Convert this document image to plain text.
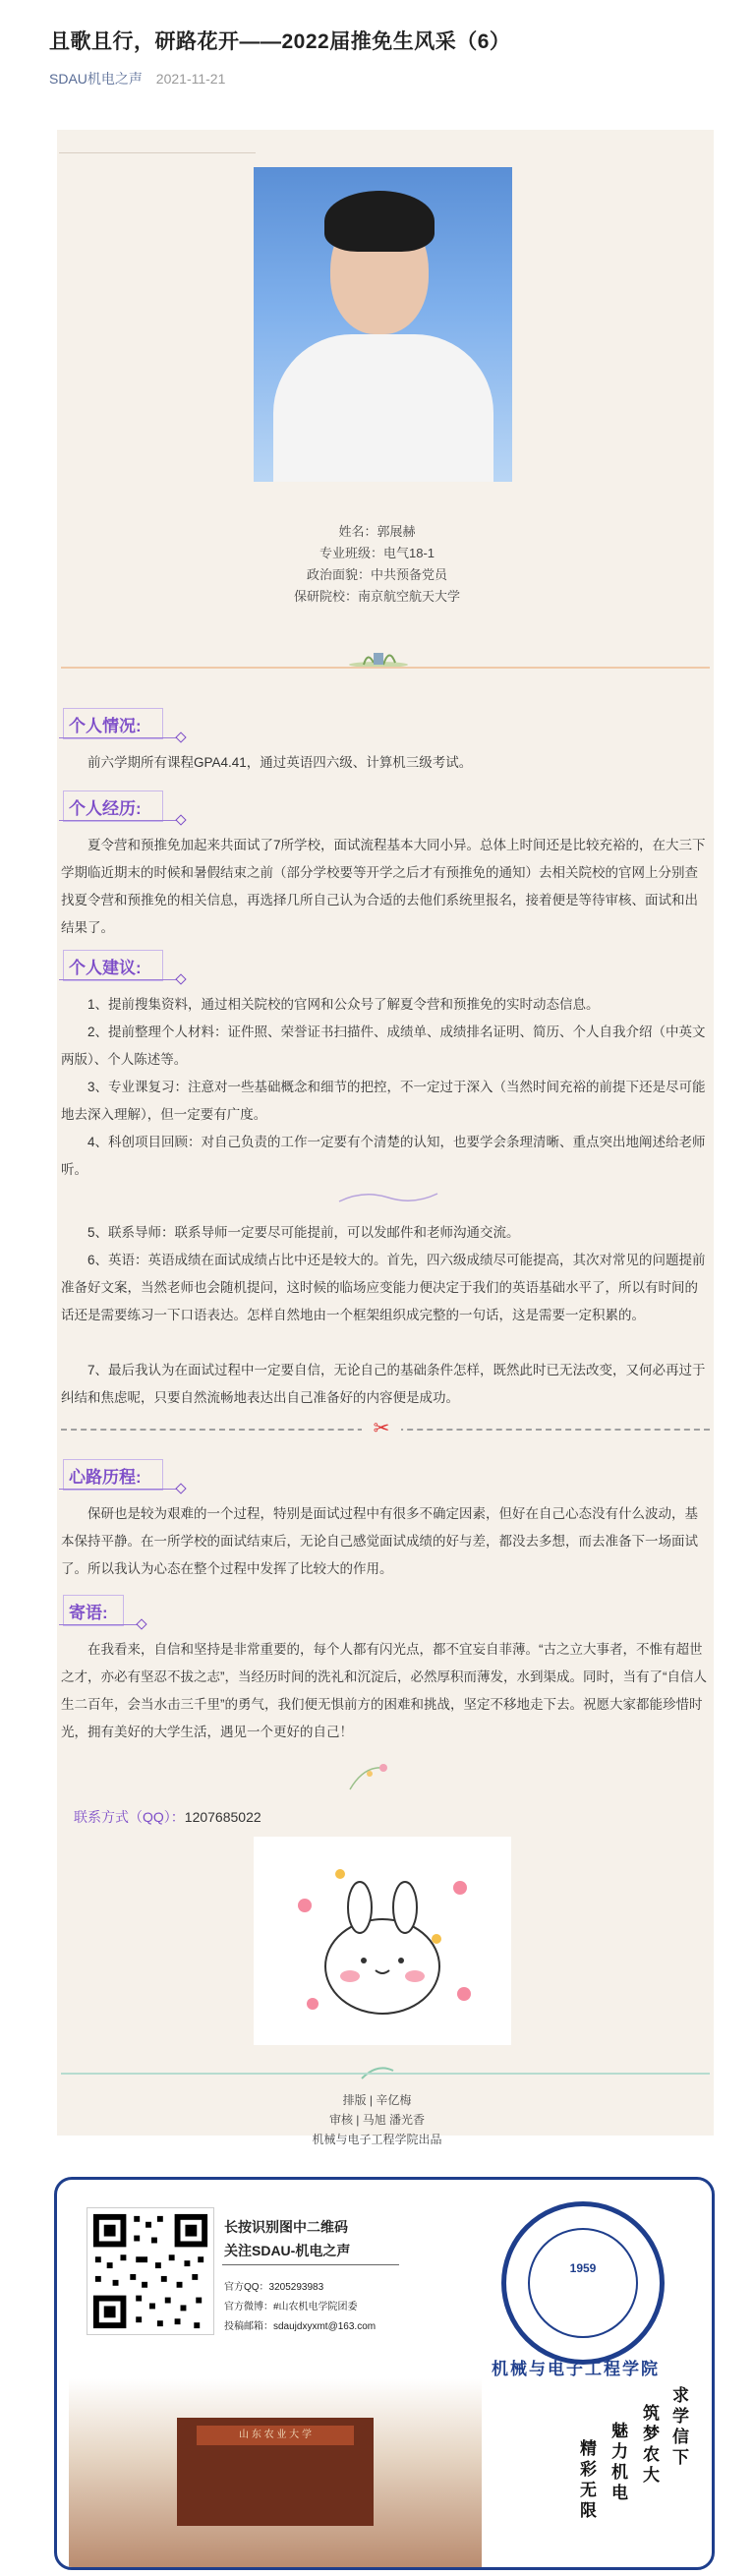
且歌且行，研路花开——2022届推免生风采（6）
SDAU机电之声 2021-11-21
姓名：郭展赫
专业班级：电气18-1
政治面貌：中共预备党员
保研院校：南京航空航天大学
个人情况:
前六学期所有课程GPA4.41，通过英语四六级、计算机三级考试。
个人经历:
夏令营和预推免加起来共面试了7所学校，面试流程基本大同小异。总体上时间还是比较充裕的，在大三下学期临近期末的时候和暑假结束之前（部分学校要等开学之后才有预推免的通知）去相关院校的官网上分别查找夏令营和预推免的相关信息，再选择几所自己认为合适的去他们系统里报名，接着便是等待审核、面试和出结果了。
个人建议:
1、提前搜集资料，通过相关院校的官网和公众号了解夏令营和预推免的实时动态信息。
2、提前整理个人材料：证件照、荣誉证书扫描件、成绩单、成绩排名证明、简历、个人自我介绍（中英文两版）、个人陈述等。
3、专业课复习：注意对一些基础概念和细节的把控，不一定过于深入（当然时间充裕的前提下还是尽可能地去深入理解），但一定要有广度。
4、科创项目回顾：对自己负责的工作一定要有个清楚的认知，也要学会条理清晰、重点突出地阐述给老师听。
5、联系导师：联系导师一定要尽可能提前，可以发邮件和老师沟通交流。
6、英语：英语成绩在面试成绩占比中还是较大的。首先，四六级成绩尽可能提高，其次对常见的问题提前准备好文案，当然老师也会随机提问，这时候的临场应变能力便决定于我们的英语基础水平了，所以有时间的话还是需要练习一下口语表达。怎样自然地由一个框架组织成完整的一句话，这是需要一定积累的。
7、最后我认为在面试过程中一定要自信，无论自己的基础条件怎样，既然此时已无法改变，又何必再过于纠结和焦虑呢，只要自然流畅地表达出自己准备好的内容便是成功。
✂
心路历程:
保研也是较为艰难的一个过程，特别是面试过程中有很多不确定因素，但好在自己心态没有什么波动，基本保持平静。在一所学校的面试结束后，无论自己感觉面试成绩的好与差，都没去多想，而去准备下一场面试了。所以我认为心态在整个过程中发挥了比较大的作用。
寄语:
在我看来，自信和坚持是非常重要的，每个人都有闪光点，都不宜妄自菲薄。“古之立大事者，不惟有超世之才，亦必有坚忍不拔之志”，当经历时间的洗礼和沉淀后，必然厚积而薄发，水到渠成。同时，当有了“自信人生二百年，会当水击三千里”的勇气，我们便无惧前方的困难和挑战，坚定不移地走下去。祝愿大家都能珍惜时光，拥有美好的大学生活，遇见一个更好的自己！
联系方式（QQ）：1207685022
排版 | 辛亿梅
审核 | 马旭 潘光香
机械与电子工程学院出品
长按识别图中二维码
关注SDAU-机电之声
官方QQ：3205293983
官方微博：#山农机电学院团委
投稿邮箱：sdaujdxyxmt@163.com
1959
机械与电子工程学院
山 东 农 业 大 学	求学信下
筑梦农大
魅力机电
精彩无限
